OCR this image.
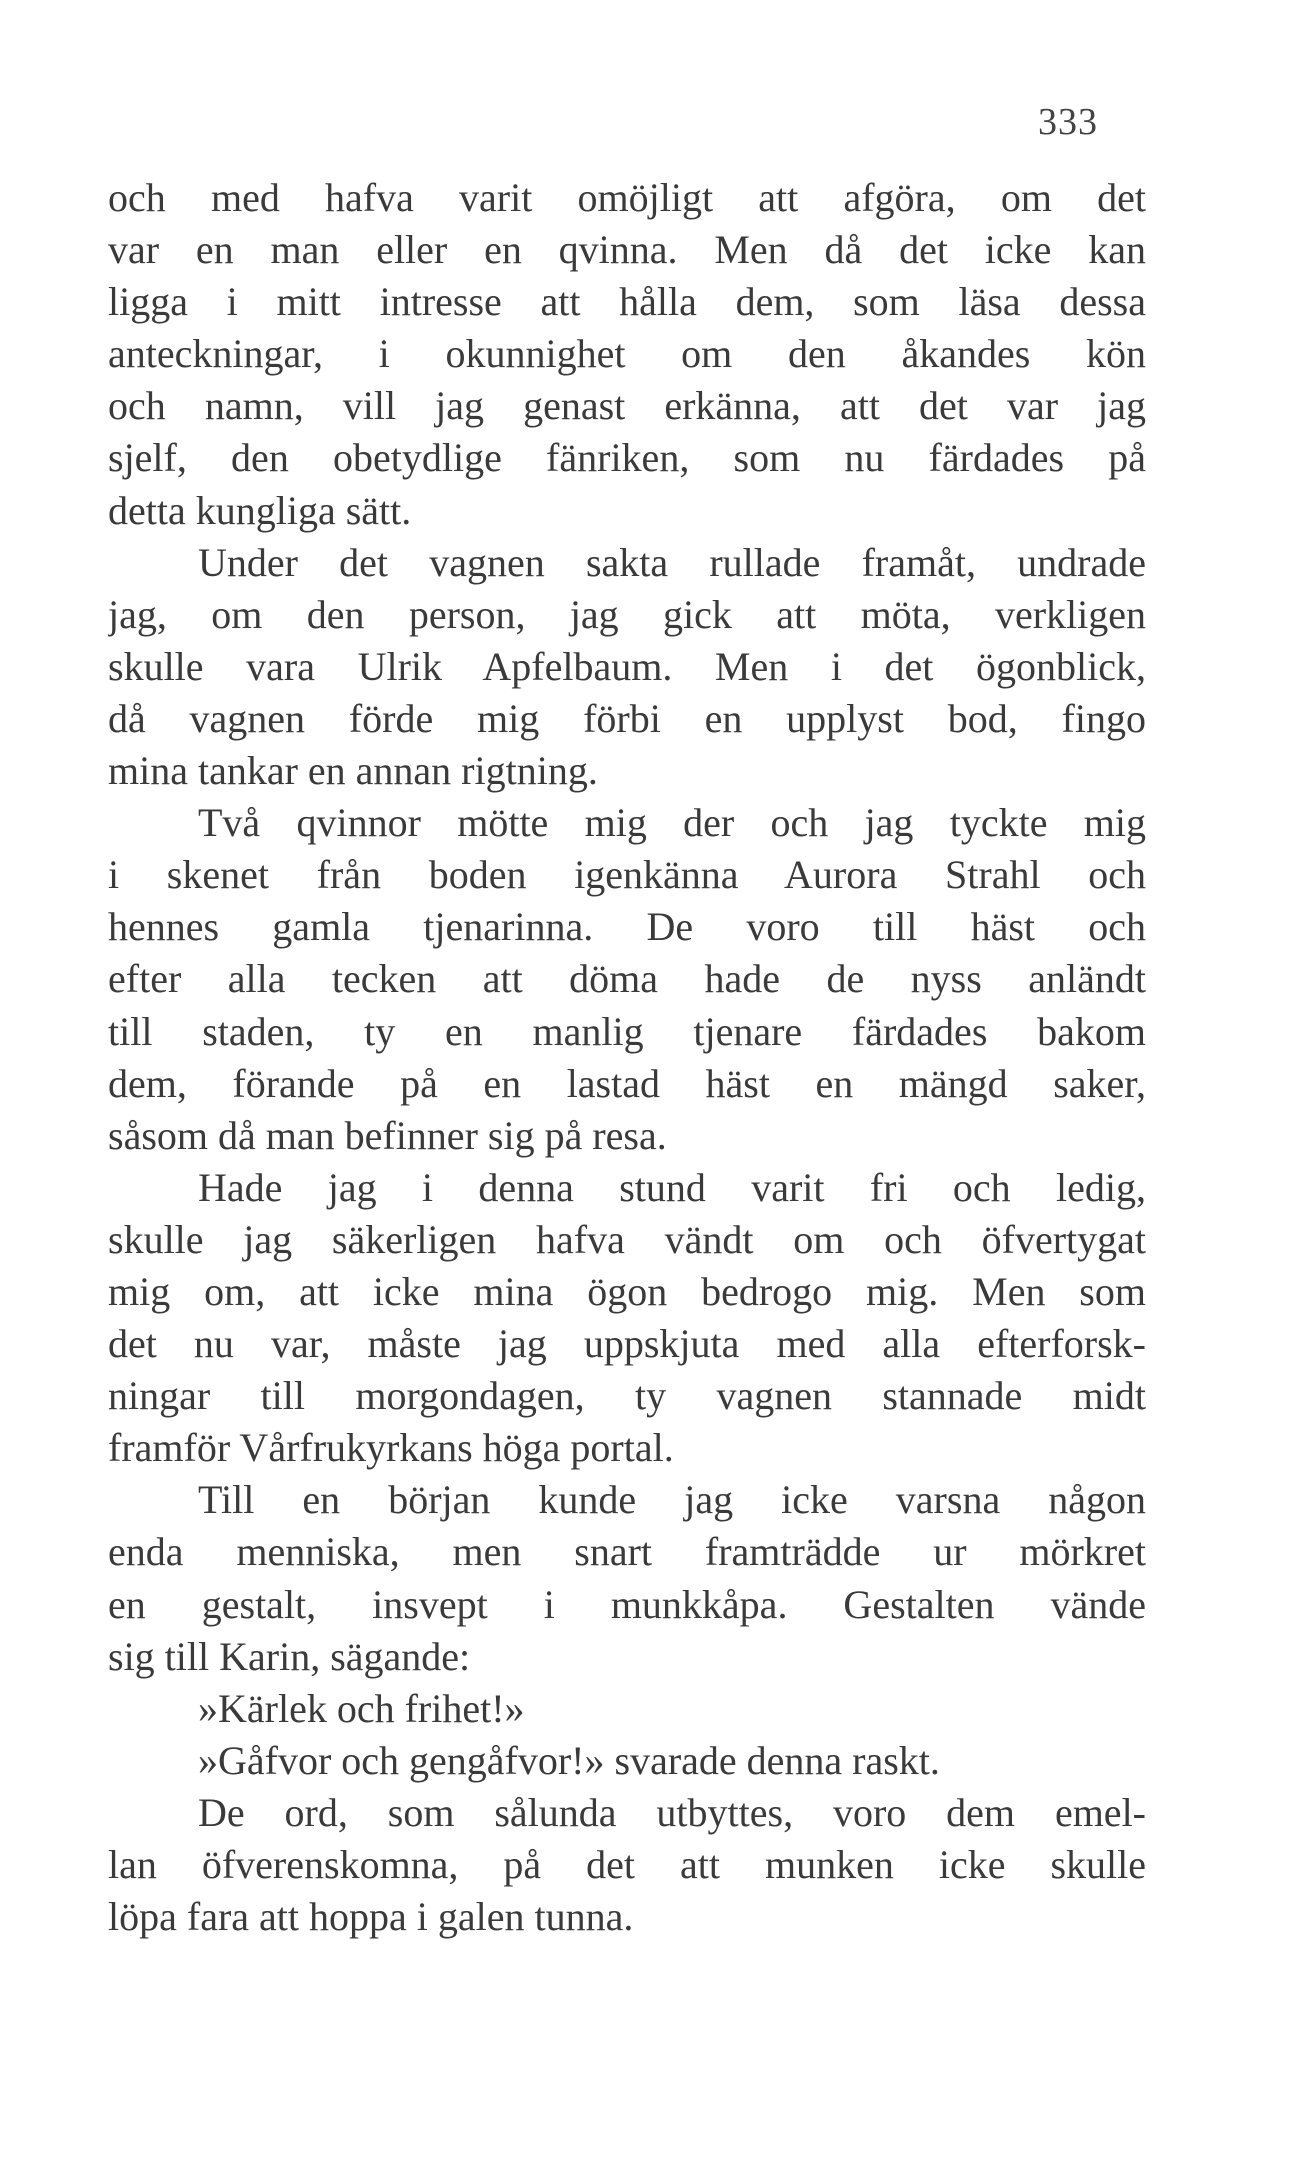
333
och med hafva varit omöjligt att afgöra, om det
var en man eller en qvinna. Men då det icke kan
ligga i mitt intresse att hålla dem, som läsa dessa
anteckningar, i okunnighet om den åkandes kön
och namn, vill jag genast erkänna, att det var jag
sjelf, den obetydlige fänriken, som nu färdades på
detta kungliga sätt.
Under det vagnen sakta rullade framåt, undrade
jag, om den person, jag gick att möta, verkligen
skulle vara Ulrik Apfelbaum. Men i det ögonblick,
då vagnen förde mig förbi en upplyst bod, fingo
mina tankar en annan rigtning.
Två qvinnor mötte mig der och jag tyckte mig
i skenet från boden igenkänna Aurora Strahl och
hennes gamla tjenarinna. De voro till häst och
efter alla tecken att döma hade de nyss anländt
till staden, ty en manlig tjenare färdades bakom
dem, förande på en lastad häst en mängd saker,
såsom då man befinner sig på resa.
Hade jag i denna stund varit fri och ledig,
skulle jag säkerligen hafva vändt om och öfvertygat
mig om, att icke mina ögon bedrogo mig. Men som
det nu var, måste jag uppskjuta med alla efterforsk-
ningar till morgondagen, ty vagnen stannade midt
framför Vårfrukyrkans höga portal.
Till en början kunde jag icke varsna någon
enda menniska, men snart framträdde ur mörkret
en gestalt, insvept i munkkåpa. Gestalten vände
sig till Karin, sägande:
»Kärlek och frihet!»
»Gåfvor och gengåfvor!» svarade denna raskt.
De ord, som sålunda utbyttes, voro dem emel-
lan öfverenskomna, på det att munken icke skulle
löpa fara att hoppa i galen tunna.
